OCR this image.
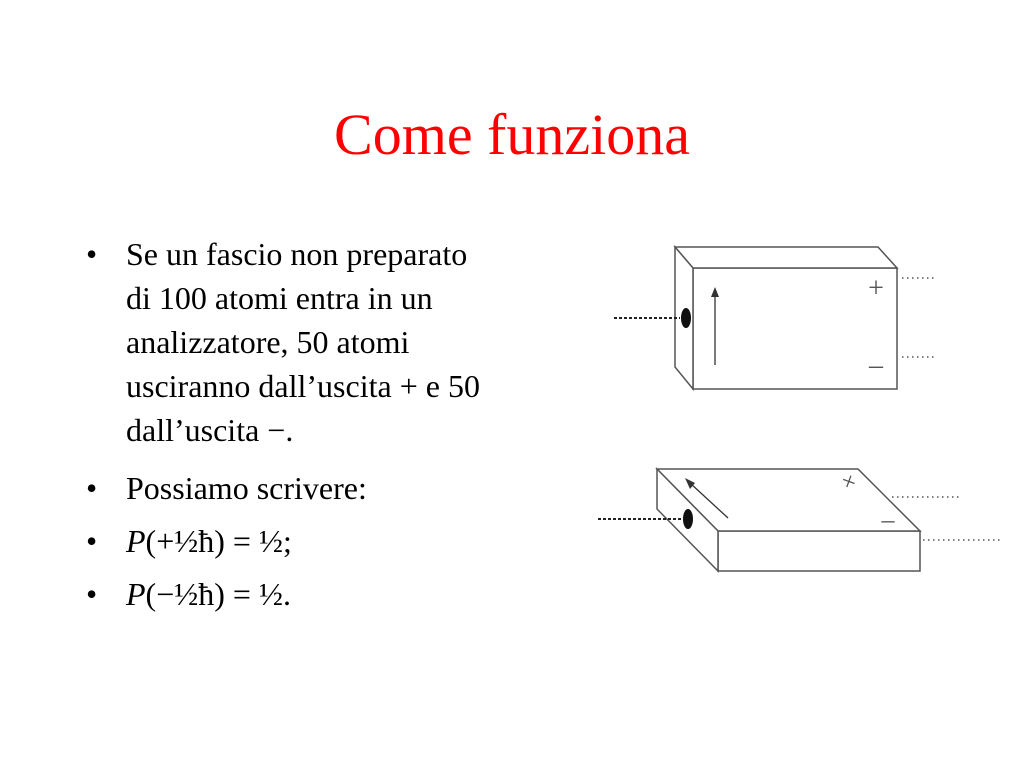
Come funziona
• Se un fascio non preparato
di 100 atomi entra in un
analizzatore, 50 atomi
usciranno dall’uscita + e 50
dall’uscita −.
• Possiamo scrivere:
• P(+½ħ) = ½;
• P(−½ħ) = ½.
+
–
+
–
